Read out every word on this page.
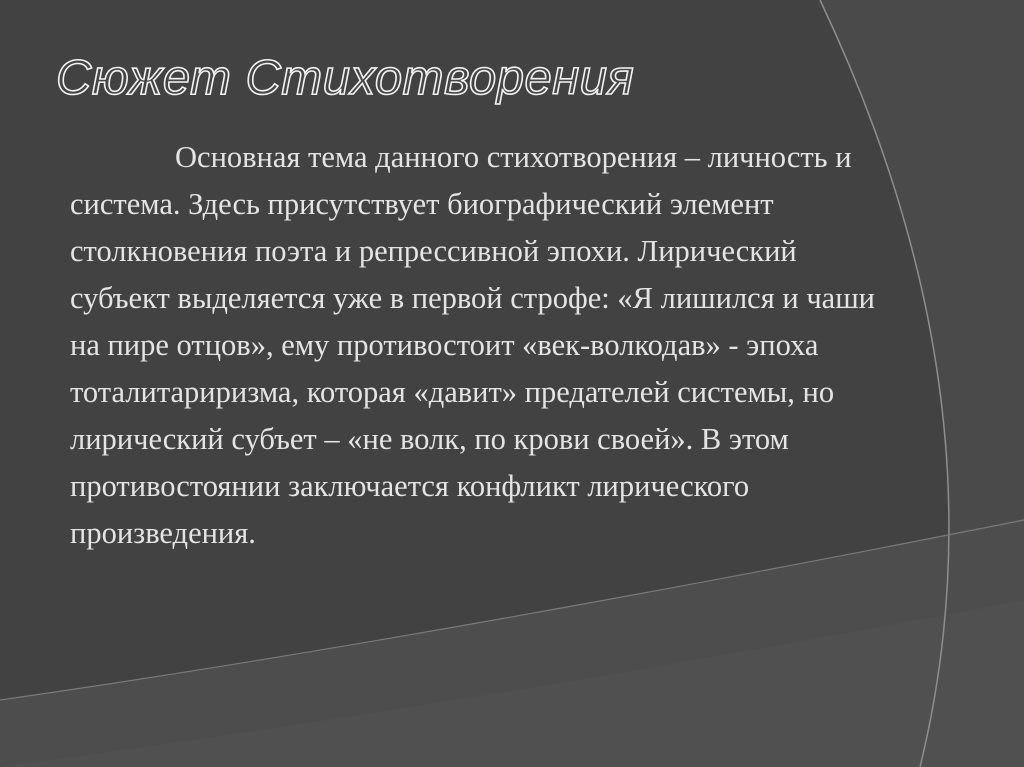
Сюжет Стихотворения

Основная тема данного стихотворения – личность и система. Здесь присутствует биографический элемент столкновения поэта и репрессивной эпохи. Лирический субъект выделяется уже в первой строфе: «Я лишился и чаши на пире отцов», ему противостоит «век-волкодав» - эпоха тоталитариризма, которая «давит» предателей системы, но лирический субъет – «не волк, по крови своей». В этом противостоянии заключается конфликт лирического произведения.
